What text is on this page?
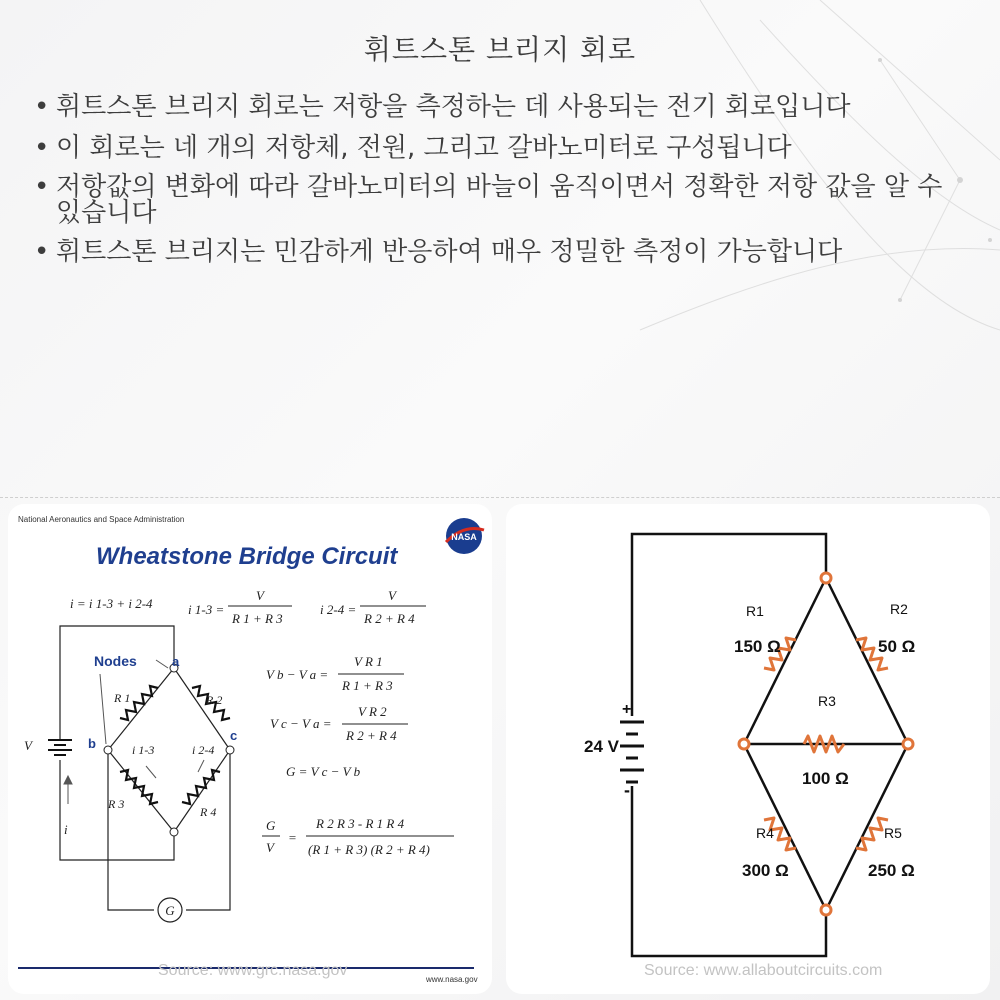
휘트스톤 브리지 회로
• 휘트스톤 브리지 회로는 저항을 측정하는 데 사용되는 전기 회로입니다
• 이 회로는 네 개의 저항체, 전원, 그리고 갈바노미터로 구성됩니다
• 저항값의 변화에 따라 갈바노미터의 바늘이 움직이면서 정확한 저항 값을 알 수 있습니다
• 휘트스톤 브리지는 민감하게 반응하여 매우 정밀한 측정이 가능합니다
National Aeronautics and Space Administration
NASA
Wheatstone Bridge Circuit
i = i 1-3 + i 2-4	i 1-3 =
V
R 1 + R 3
i 2-4 =
V
R 2 + R 4
V b − V a =
V R 1
R 1 + R 3
V c − V a =
V R 2
R 2 + R 4
G = V c − V b
G
V
=
R 2 R 3 - R 1 R 4
(R 1 + R 3) (R 2 + R 4)
G
Nodes	a
b
c
R 1	R 2
R 3
R 4
i 1-3	i 2-4
V
i
www.nasa.gov
Source: www.grc.nasa.gov
+
-
24 V
R1
150 Ω
R2
50 Ω
R3
100 Ω
R4
300 Ω
R5
250 Ω
Source: www.allaboutcircuits.com
